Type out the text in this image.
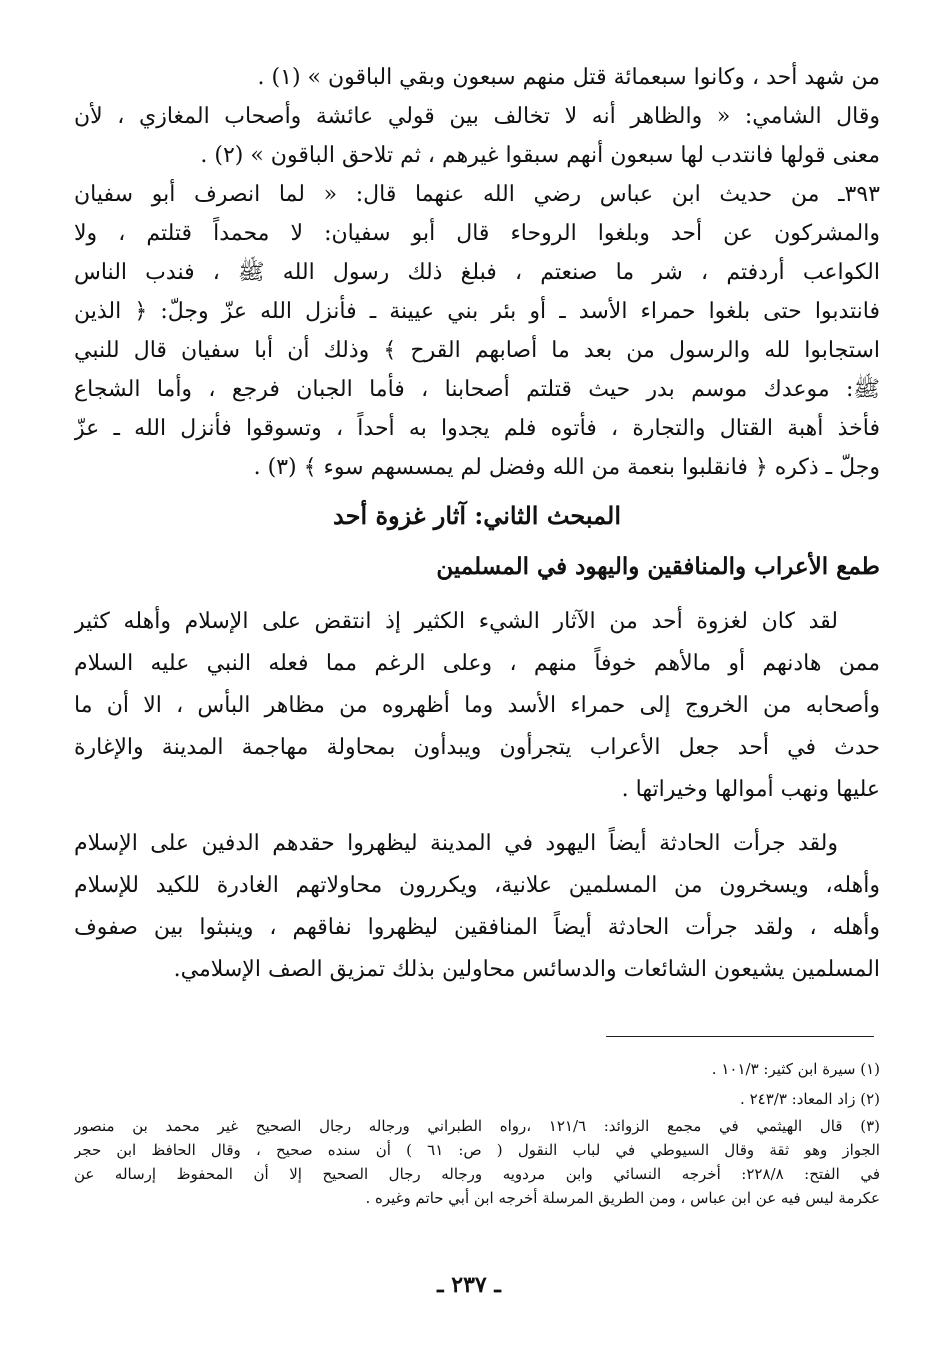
من شهد أحد ، وكانوا سبعمائة قتل منهم سبعون وبقي الباقون » (١) .
وقال الشامي: « والظاهر أنه لا تخالف بين قولي عائشة وأصحاب المغازي ، لأن
معنى قولها فانتدب لها سبعون أنهم سبقوا غيرهم ، ثم تلاحق الباقون » (٢) .
٣٩٣ـ من حديث ابن عباس رضي الله عنهما قال: « لما انصرف أبو سفيان
والمشركون عن أحد وبلغوا الروحاء قال أبو سفيان: لا محمداً قتلتم ، ولا
الكواعب أردفتم ، شر ما صنعتم ، فبلغ ذلك رسول الله ﷺ ، فندب الناس
فانتدبوا حتى بلغوا حمراء الأسد ـ أو بئر بني عيينة ـ فأنزل الله عزّ وجلّ: ﴿ الذين
استجابوا لله والرسول من بعد ما أصابهم القرح ﴾ وذلك أن أبا سفيان قال للنبي
ﷺ: موعدك موسم بدر حيث قتلتم أصحابنا ، فأما الجبان فرجع ، وأما الشجاع
فأخذ أهبة القتال والتجارة ، فأتوه فلم يجدوا به أحداً ، وتسوقوا فأنزل الله ـ عزّ
وجلّ ـ ذكره ﴿ فانقلبوا بنعمة من الله وفضل لم يمسسهم سوء ﴾ (٣) .
المبحث الثاني: آثار غزوة أحد
طمع الأعراب والمنافقين واليهود في المسلمين
لقد كان لغزوة أحد من الآثار الشيء الكثير إذ انتقض على الإسلام وأهله كثير
ممن هادنهم أو مالأهم خوفاً منهم ، وعلى الرغم مما فعله النبي عليه السلام
وأصحابه من الخروج إلى حمراء الأسد وما أظهروه من مظاهر البأس ، الا أن ما
حدث في أحد جعل الأعراب يتجرأون ويبدأون بمحاولة مهاجمة المدينة والإغارة
عليها ونهب أموالها وخيراتها .
ولقد جرأت الحادثة أيضاً اليهود في المدينة ليظهروا حقدهم الدفين على الإسلام
وأهله، ويسخرون من المسلمين علانية، ويكررون محاولاتهم الغادرة للكيد للإسلام
وأهله ، ولقد جرأت الحادثة أيضاً المنافقين ليظهروا نفاقهم ، وينبثوا بين صفوف
المسلمين يشيعون الشائعات والدسائس محاولين بذلك تمزيق الصف الإسلامي.
(١) سيرة ابن كثير: ١٠١/٣ .
(٢) زاد المعاد: ٢٤٣/٣ .
(٣) قال الهيثمي في مجمع الزوائد: ١٢١/٦ ،رواه الطبراني ورجاله رجال الصحيح غير محمد بن منصور
الجواز وهو ثقة وقال السيوطي في لباب النقول ( ص: ٦١ ) أن سنده صحيح ، وقال الحافظ ابن حجر
في الفتح: ٢٢٨/٨: أخرجه النسائي وابن مردويه ورجاله رجال الصحيح إلا أن المحفوظ إرساله عن
عكرمة ليس فيه عن ابن عباس ، ومن الطريق المرسلة أخرجه ابن أبي حاتم وغيره .
ـ ٢٣٧ ـ
